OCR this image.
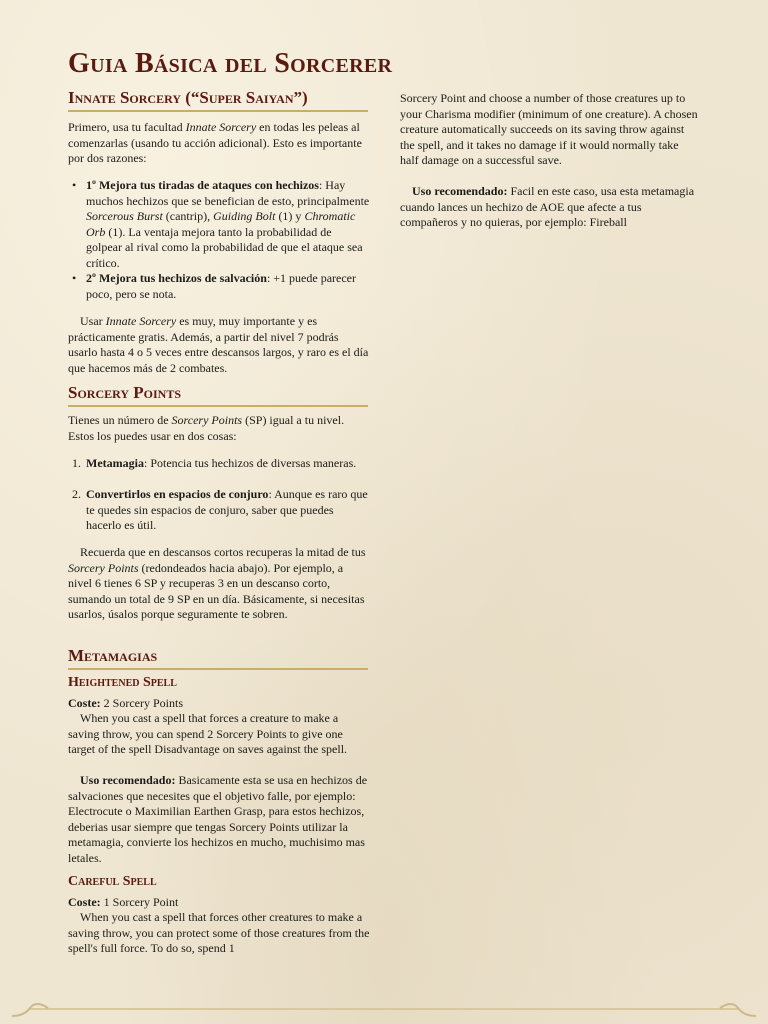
Guia Básica del Sorcerer
Innate Sorcery (“Super Saiyan”)

Primero, usa tu facultad Innate Sorcery en todas les peleas al comenzarlas (usando tu acción adicional). Esto es importante por dos razones:

• 1º Mejora tus tiradas de ataques con hechizos: Hay muchos hechizos que se benefician de esto, principalmente Sorcerous Burst (cantrip), Guiding Bolt (1) y Chromatic Orb (1). La ventaja mejora tanto la probabilidad de golpear al rival como la probabilidad de que el ataque sea crítico.
• 2º Mejora tus hechizos de salvación: +1 puede parecer poco, pero se nota.

Usar Innate Sorcery es muy, muy importante y es prácticamente gratis. Además, a partir del nivel 7 podrás usarlo hasta 4 o 5 veces entre descansos largos, y raro es el día que hacemos más de 2 combates.

Sorcery Points

Tienes un número de Sorcery Points (SP) igual a tu nivel. Estos los puedes usar en dos cosas:

1. Metamagia: Potencia tus hechizos de diversas maneras.
2. Convertirlos en espacios de conjuro: Aunque es raro que te quedes sin espacios de conjuro, saber que puedes hacerlo es útil.

Recuerda que en descansos cortos recuperas la mitad de tus Sorcery Points (redondeados hacia abajo). Por ejemplo, a nivel 6 tienes 6 SP y recuperas 3 en un descanso corto, sumando un total de 9 SP en un día. Básicamente, si necesitas usarlos, úsalos porque seguramente te sobren.

Metamagias
Heightened Spell

Coste: 2 Sorcery Points

When you cast a spell that forces a creature to make a saving throw, you can spend 2 Sorcery Points to give one target of the spell Disadvantage on saves against the spell.

Uso recomendado: Basicamente esta se usa en hechizos de salvaciones que necesites que el objetivo falle, por ejemplo: Electrocute o Maximilian Earthen Grasp, para estos hechizos, deberias usar siempre que tengas Sorcery Points utilizar la metamagia, convierte los hechizos en mucho, muchisimo mas letales.

Careful Spell

Coste: 1 Sorcery Point

When you cast a spell that forces other creatures to make a saving throw, you can protect some of those creatures from the spell's full force. To do so, spend 1

Sorcery Point and choose a number of those creatures up to your Charisma modifier (minimum of one creature). A chosen creature automatically succeeds on its saving throw against the spell, and it takes no damage if it would normally take half damage on a successful save.

Uso recomendado: Facil en este caso, usa esta metamagia cuando lances un hechizo de AOE que afecte a tus compañeros y no quieras, por ejemplo: Fireball
